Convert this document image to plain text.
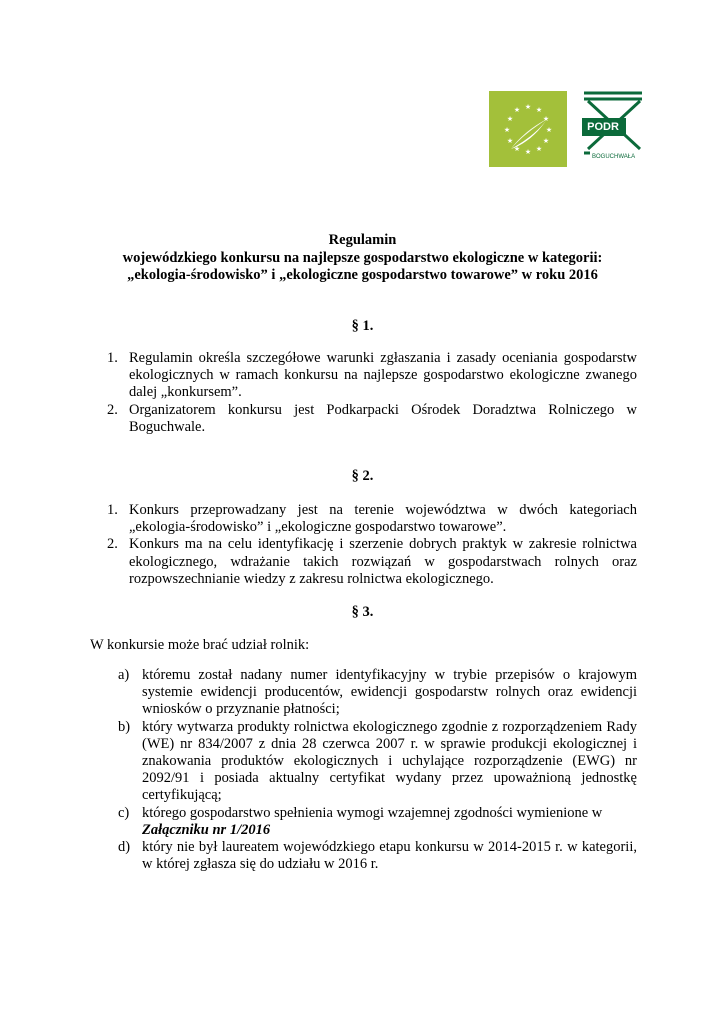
★ ★
★
★
★
★	★
★
★ ★ ★
★
PODR
BOGUCHWAŁA
Regulamin
wojewódzkiego konkursu na najlepsze gospodarstwo ekologiczne w kategorii:
„ekologia-środowisko” i „ekologiczne gospodarstwo towarowe” w roku 2016
§ 1.

1. Regulamin określa szczegółowe warunki zgłaszania i zasady oceniania gospodarstw ekologicznych w ramach konkursu na najlepsze gospodarstwo ekologiczne zwanego dalej „konkursem”.

2. Organizatorem konkursu jest Podkarpacki Ośrodek Doradztwa Rolniczego w Boguchwale.

§ 2.

1. Konkurs przeprowadzany jest na terenie województwa w dwóch kategoriach „ekologia-środowisko” i „ekologiczne gospodarstwo towarowe”.

2. Konkurs ma na celu identyfikację i szerzenie dobrych praktyk w zakresie rolnictwa ekologicznego, wdrażanie takich rozwiązań w gospodarstwach rolnych oraz rozpowszechnianie wiedzy z zakresu rolnictwa ekologicznego.

§ 3.
W konkursie może brać udział rolnik:

a) któremu został nadany numer identyfikacyjny w trybie przepisów o krajowym systemie ewidencji producentów, ewidencji gospodarstw rolnych oraz ewidencji wniosków o przyznanie płatności;

b) który wytwarza produkty rolnictwa ekologicznego zgodnie z rozporządzeniem Rady (WE) nr 834/2007 z dnia 28 czerwca 2007 r. w sprawie produkcji ekologicznej i znakowania produktów ekologicznych i uchylające rozporządzenie (EWG) nr 2092/91 i posiada aktualny certyfikat wydany przez upoważnioną jednostkę certyfikującą;

c) którego gospodarstwo spełnienia wymogi wzajemnej zgodności wymienione w
Załączniku nr 1/2016

d) który nie był laureatem wojewódzkiego etapu konkursu w 2014-2015 r. w kategorii, w której zgłasza się do udziału w 2016 r.
